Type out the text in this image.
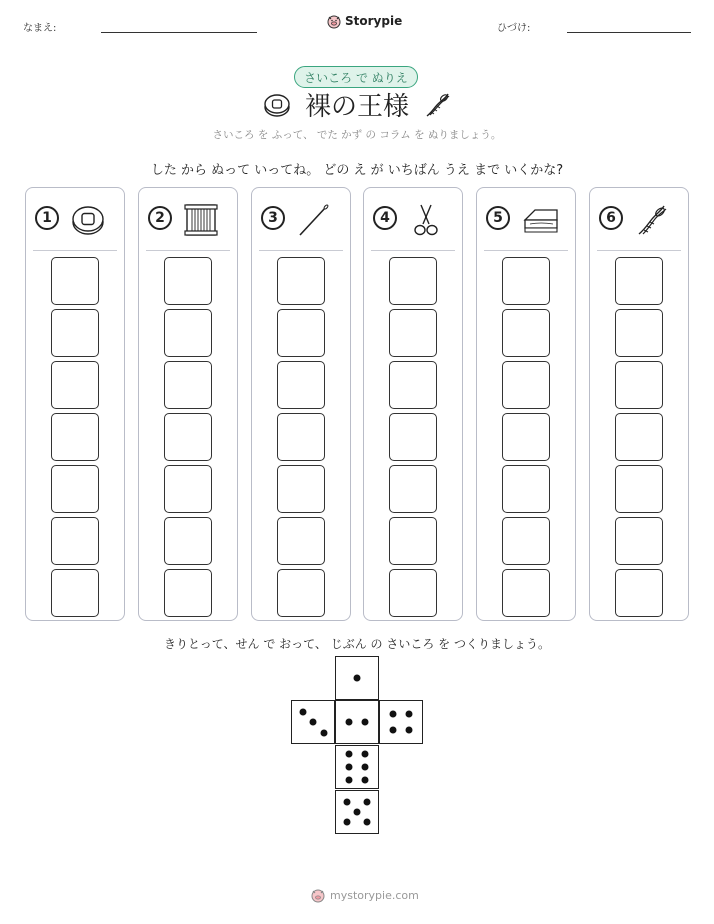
なまえ:
Storypie
ひづけ:
さいころ で ぬりえ
裸の王様
さいころ を ふって、 でた かず の コラム を ぬりましょう。
した から ぬって いってね。 どの え が いちばん うえ まで いくかな?
1	2	3	4	5	6
きりとって、せん で おって、 じぶん の さいころ を つくりましょう。
mystorypie.com
